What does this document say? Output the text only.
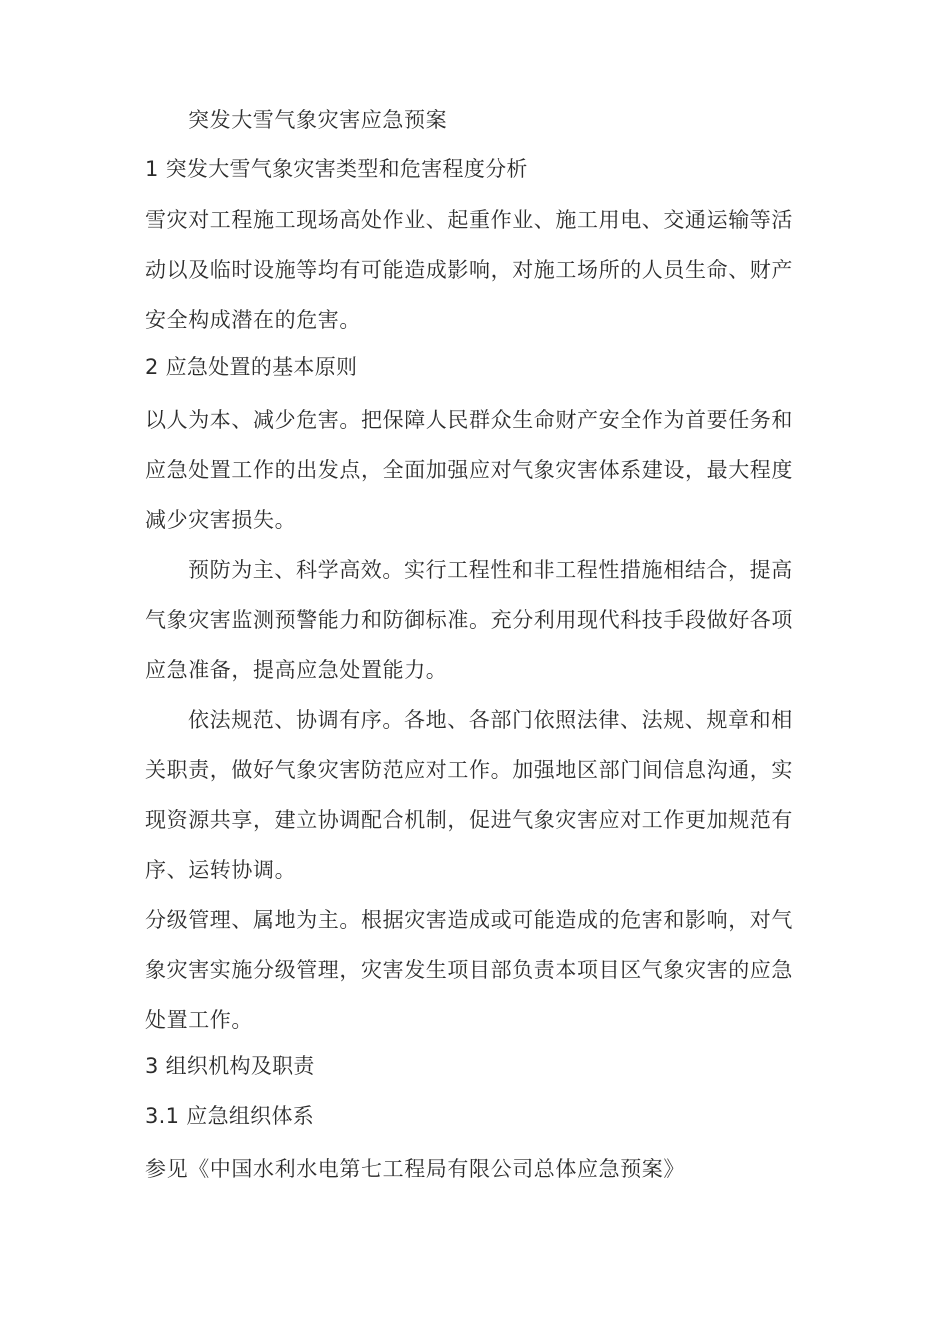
突发大雪气象灾害应急预案
1 突发大雪气象灾害类型和危害程度分析
雪灾对工程施工现场高处作业、起重作业、施工用电、交通运输等活
动以及临时设施等均有可能造成影响，对施工场所的人员生命、财产
安全构成潜在的危害。
2 应急处置的基本原则
以人为本、减少危害。把保障人民群众生命财产安全作为首要任务和
应急处置工作的出发点，全面加强应对气象灾害体系建设，最大程度
减少灾害损失。
预防为主、科学高效。实行工程性和非工程性措施相结合，提高
气象灾害监测预警能力和防御标准。充分利用现代科技手段做好各项
应急准备，提高应急处置能力。
依法规范、协调有序。各地、各部门依照法律、法规、规章和相
关职责，做好气象灾害防范应对工作。加强地区部门间信息沟通，实
现资源共享，建立协调配合机制，促进气象灾害应对工作更加规范有
序、运转协调。
分级管理、属地为主。根据灾害造成或可能造成的危害和影响，对气
象灾害实施分级管理，灾害发生项目部负责本项目区气象灾害的应急
处置工作。
3 组织机构及职责
3.1 应急组织体系
参见《中国水利水电第七工程局有限公司总体应急预案》
